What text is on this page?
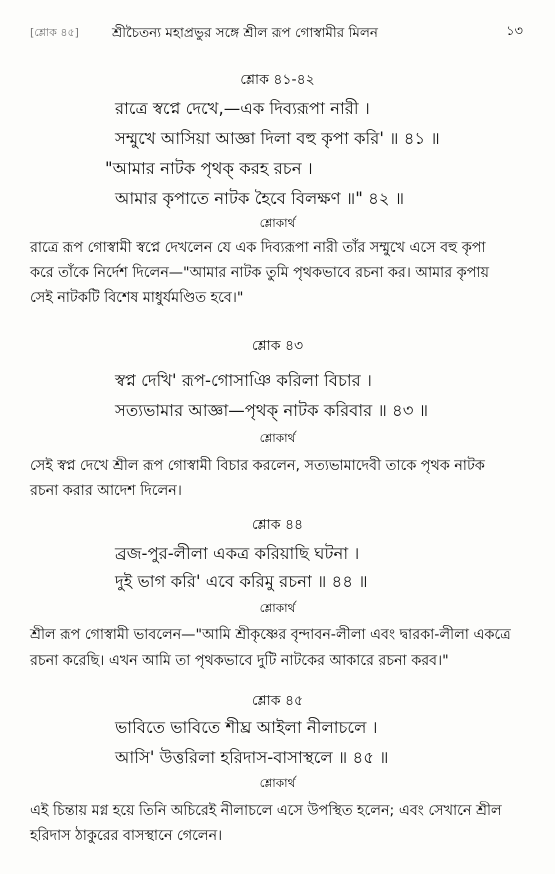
[শ্লোক ৪৫] শ্রীচৈতন্য মহাপ্রভুর সঙ্গে শ্রীল রূপ গোস্বামীর মিলন	১৩
শ্লোক ৪১-৪২
রাত্রে স্বপ্নে দেখে,—এক দিব্যরূপা নারী ।
সম্মুখে আসিয়া আজ্ঞা দিলা বহু কৃপা করি' ॥ ৪১ ॥
"আমার নাটক পৃথক্ করহ রচন ।
আমার কৃপাতে নাটক হৈবে বিলক্ষণ ॥" ৪২ ॥
শ্লোকার্থ
রাত্রে রূপ গোস্বামী স্বপ্নে দেখলেন যে এক দিব্যরূপা নারী তাঁর সম্মুখে এসে বহু কৃপা
করে তাঁকে নির্দেশ দিলেন—"আমার নাটক তুমি পৃথকভাবে রচনা কর। আমার কৃপায়
সেই নাটকটি বিশেষ মাধুর্যমণ্ডিত হবে।"
শ্লোক ৪৩
স্বপ্ন দেখি' রূপ-গোসাঞি করিলা বিচার ।
সত্যভামার আজ্ঞা—পৃথক্ নাটক করিবার ॥ ৪৩ ॥
শ্লোকার্থ
সেই স্বপ্ন দেখে শ্রীল রূপ গোস্বামী বিচার করলেন, সত্যভামাদেবী তাকে পৃথক নাটক
রচনা করার আদেশ দিলেন।
শ্লোক ৪৪
ব্রজ-পুর-লীলা একত্র করিয়াছি ঘটনা ।
দুই ভাগ করি' এবে করিমু রচনা ॥ ৪৪ ॥
শ্লোকার্থ
শ্রীল রূপ গোস্বামী ভাবলেন—"আমি শ্রীকৃষ্ণের বৃন্দাবন-লীলা এবং দ্বারকা-লীলা একত্রে
রচনা করেছি। এখন আমি তা পৃথকভাবে দুটি নাটকের আকারে রচনা করব।"
শ্লোক ৪৫
ভাবিতে ভাবিতে শীঘ্র আইলা নীলাচলে ।
আসি' উত্তরিলা হরিদাস-বাসাস্থলে ॥ ৪৫ ॥
শ্লোকার্থ
এই চিন্তায় মগ্ন হয়ে তিনি অচিরেই নীলাচলে এসে উপস্থিত হলেন; এবং সেখানে শ্রীল
হরিদাস ঠাকুরের বাসস্থানে গেলেন।
